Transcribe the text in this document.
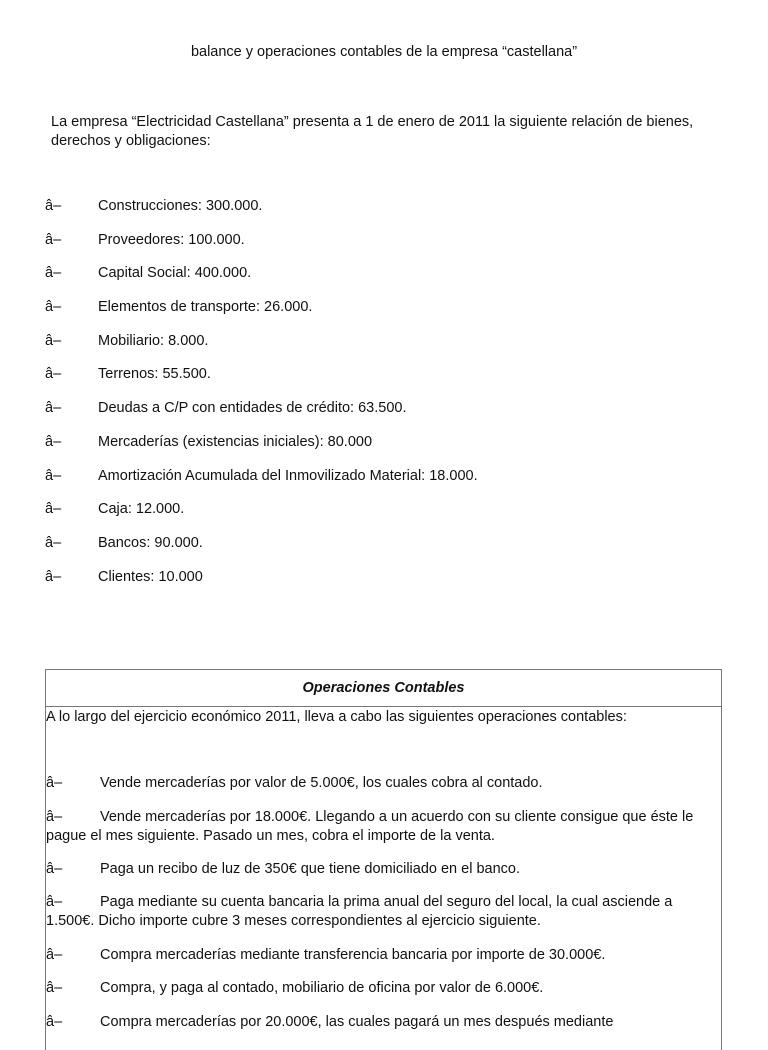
balance y operaciones contables de la empresa “castellana”
La empresa “Electricidad Castellana” presenta a 1 de enero de 2011 la siguiente relación de bienes, derechos y obligaciones:
â–	Construcciones: 300.000.
â–	Proveedores: 100.000.
â–	Capital Social: 400.000.
â–	Elementos de transporte: 26.000.
â–	Mobiliario: 8.000.
â–	Terrenos: 55.500.
â–	Deudas a C/P con entidades de crédito: 63.500.
â–	Mercaderías (existencias iniciales): 80.000
â–	Amortización Acumulada del Inmovilizado Material: 18.000.
â–	Caja: 12.000.
â–	Bancos: 90.000.
â–	Clientes: 10.000
Operaciones Contables
A lo largo del ejercicio económico 2011, lleva a cabo las siguientes operaciones contables:
â–	Vende mercaderías por valor de 5.000€, los cuales cobra al contado.
â–	Vende mercaderías por 18.000€. Llegando a un acuerdo con su cliente consigue que éste le pague el mes siguiente. Pasado un mes, cobra el importe de la venta.
â–	Paga un recibo de luz de 350€ que tiene domiciliado en el banco.
â–	Paga mediante su cuenta bancaria la prima anual del seguro del local, la cual asciende a 1.500€. Dicho importe cubre 3 meses correspondientes al ejercicio siguiente.
â–	Compra mercaderías mediante transferencia bancaria por importe de 30.000€.
â–	Compra, y paga al contado, mobiliario de oficina por valor de 6.000€.
â–	Compra mercaderías por 20.000€, las cuales pagará un mes después mediante
